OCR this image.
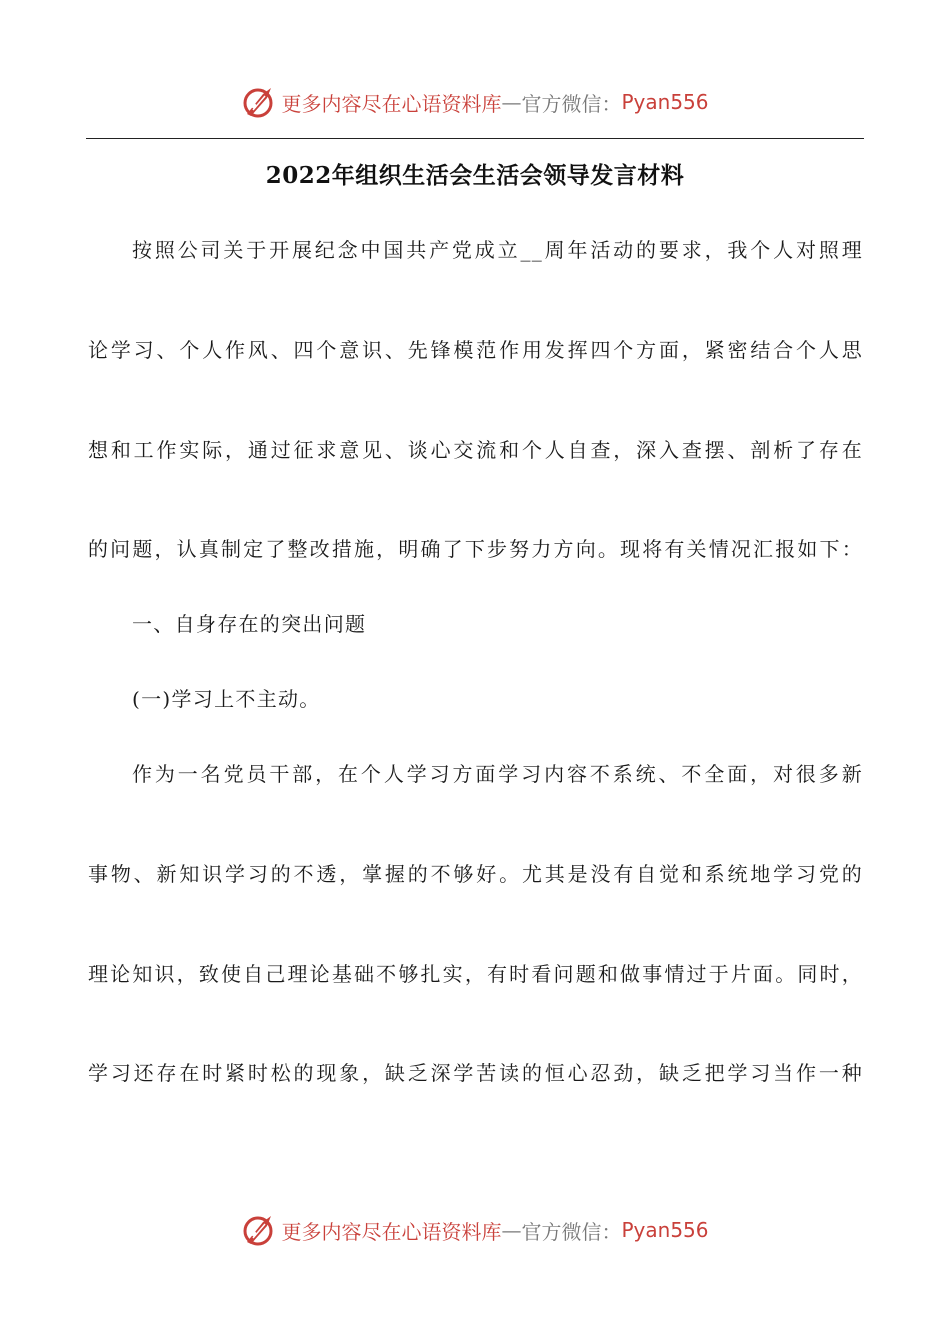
更多内容尽在心语资料库 — 官方微信： Pyan556
2022年组织生活会生活会领导发言材料
按照公司关于开展纪念中国共产党成立__周年活动的要求，我个人对照理
论学习、个人作风、四个意识、先锋模范作用发挥四个方面，紧密结合个人思
想和工作实际，通过征求意见、谈心交流和个人自查，深入查摆、剖析了存在
的问题，认真制定了整改措施，明确了下步努力方向。现将有关情况汇报如下：
一、自身存在的突出问题
(一)学习上不主动。
作为一名党员干部，在个人学习方面学习内容不系统、不全面，对很多新
事物、新知识学习的不透，掌握的不够好。尤其是没有自觉和系统地学习党的
理论知识，致使自己理论基础不够扎实，有时看问题和做事情过于片面。同时，
学习还存在时紧时松的现象，缺乏深学苦读的恒心忍劲，缺乏把学习当作一种
更多内容尽在心语资料库 — 官方微信： Pyan556
